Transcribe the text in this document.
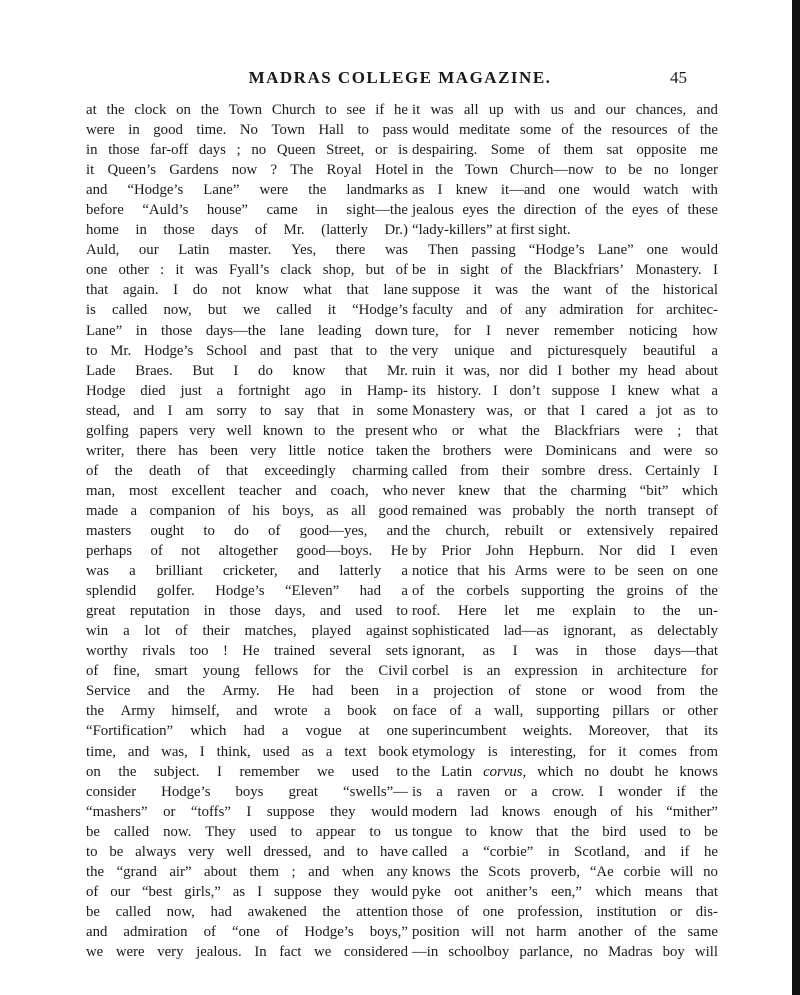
MADRAS COLLEGE MAGAZINE.	45
at the clock on the Town Church to see if he
were in good time. No Town Hall to pass
in those far-off days ; no Queen Street, or is
it Queen’s Gardens now ? The Royal Hotel
and “Hodge’s Lane” were the landmarks
before “Auld’s house” came in sight—the
home in those days of Mr. (latterly Dr.)
Auld, our Latin master. Yes, there was
one other : it was Fyall’s clack shop, but of
that again. I do not know what that lane
is called now, but we called it “Hodge’s
Lane” in those days—the lane leading down
to Mr. Hodge’s School and past that to the
Lade Braes. But I do know that Mr.
Hodge died just a fortnight ago in Hamp-
stead, and I am sorry to say that in some
golfing papers very well known to the present
writer, there has been very little notice taken
of the death of that exceedingly charming
man, most excellent teacher and coach, who
made a companion of his boys, as all good
masters ought to do of good—yes, and
perhaps of not altogether good—boys. He
was a brilliant cricketer, and latterly a
splendid golfer. Hodge’s “Eleven” had a
great reputation in those days, and used to
win a lot of their matches, played against
worthy rivals too ! He trained several sets
of fine, smart young fellows for the Civil
Service and the Army. He had been in
the Army himself, and wrote a book on
“Fortification” which had a vogue at one
time, and was, I think, used as a text book
on the subject. I remember we used to
consider Hodge’s boys great “swells”—
“mashers” or “toffs” I suppose they would
be called now. They used to appear to us
to be always very well dressed, and to have
the “grand air” about them ; and when any
of our “best girls,” as I suppose they would
be called now, had awakened the attention
and admiration of “one of Hodge’s boys,”
we were very jealous. In fact we considered
it was all up with us and our chances, and
would meditate some of the resources of the
despairing. Some of them sat opposite me
in the Town Church—now to be no longer
as I knew it—and one would watch with
jealous eyes the direction of the eyes of these
“lady-killers” at first sight.
Then passing “Hodge’s Lane” one would
be in sight of the Blackfriars’ Monastery. I
suppose it was the want of the historical
faculty and of any admiration for architec-
ture, for I never remember noticing how
very unique and picturesquely beautiful a
ruin it was, nor did I bother my head about
its history. I don’t suppose I knew what a
Monastery was, or that I cared a jot as to
who or what the Blackfriars were ; that
the brothers were Dominicans and were so
called from their sombre dress. Certainly I
never knew that the charming “bit” which
remained was probably the north transept of
the church, rebuilt or extensively repaired
by Prior John Hepburn. Nor did I even
notice that his Arms were to be seen on one
of the corbels supporting the groins of the
roof. Here let me explain to the un-
sophisticated lad—as ignorant, as delectably
ignorant, as I was in those days—that
corbel is an expression in architecture for
a projection of stone or wood from the
face of a wall, supporting pillars or other
superincumbent weights. Moreover, that its
etymology is interesting, for it comes from
the Latin corvus, which no doubt he knows
is a raven or a crow. I wonder if the
modern lad knows enough of his “mither”
tongue to know that the bird used to be
called a “corbie” in Scotland, and if he
knows the Scots proverb, “Ae corbie will no
pyke oot anither’s een,” which means that
those of one profession, institution or dis-
position will not harm another of the same
—in schoolboy parlance, no Madras boy will
